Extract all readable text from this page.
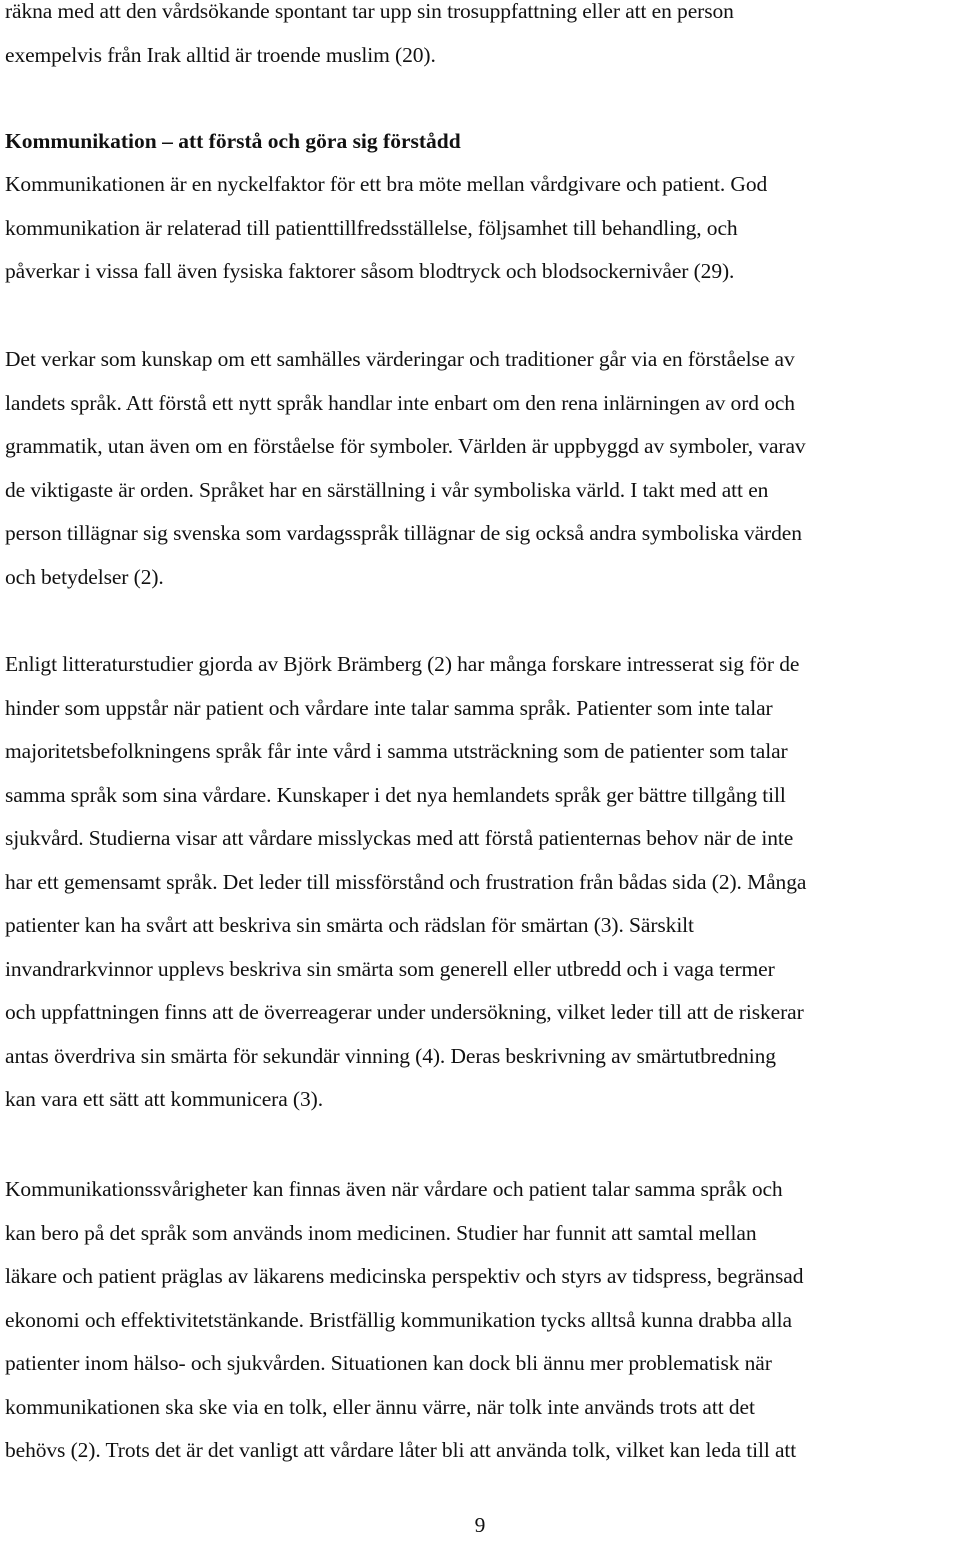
räkna med att den vårdsökande spontant tar upp sin trosuppfattning eller att en person
exempelvis från Irak alltid är troende muslim (20).
Kommunikation – att förstå och göra sig förstådd
Kommunikationen är en nyckelfaktor för ett bra möte mellan vårdgivare och patient. God
kommunikation är relaterad till patienttillfredsställelse, följsamhet till behandling, och
påverkar i vissa fall även fysiska faktorer såsom blodtryck och blodsockernivåer (29).
Det verkar som kunskap om ett samhälles värderingar och traditioner går via en förståelse av
landets språk. Att förstå ett nytt språk handlar inte enbart om den rena inlärningen av ord och
grammatik, utan även om en förståelse för symboler. Världen är uppbyggd av symboler, varav
de viktigaste är orden. Språket har en särställning i vår symboliska värld. I takt med att en
person tillägnar sig svenska som vardagsspråk tillägnar de sig också andra symboliska värden
och betydelser (2).
Enligt litteraturstudier gjorda av Björk Brämberg (2) har många forskare intresserat sig för de
hinder som uppstår när patient och vårdare inte talar samma språk. Patienter som inte talar
majoritetsbefolkningens språk får inte vård i samma utsträckning som de patienter som talar
samma språk som sina vårdare. Kunskaper i det nya hemlandets språk ger bättre tillgång till
sjukvård. Studierna visar att vårdare misslyckas med att förstå patienternas behov när de inte
har ett gemensamt språk. Det leder till missförstånd och frustration från bådas sida (2). Många
patienter kan ha svårt att beskriva sin smärta och rädslan för smärtan (3). Särskilt
invandrarkvinnor upplevs beskriva sin smärta som generell eller utbredd och i vaga termer
och uppfattningen finns att de överreagerar under undersökning, vilket leder till att de riskerar
antas överdriva sin smärta för sekundär vinning (4). Deras beskrivning av smärtutbredning
kan vara ett sätt att kommunicera (3).
Kommunikationssvårigheter kan finnas även när vårdare och patient talar samma språk och
kan bero på det språk som används inom medicinen. Studier har funnit att samtal mellan
läkare och patient präglas av läkarens medicinska perspektiv och styrs av tidspress, begränsad
ekonomi och effektivitetstänkande. Bristfällig kommunikation tycks alltså kunna drabba alla
patienter inom hälso- och sjukvården. Situationen kan dock bli ännu mer problematisk när
kommunikationen ska ske via en tolk, eller ännu värre, när tolk inte används trots att det
behövs (2). Trots det är det vanligt att vårdare låter bli att använda tolk, vilket kan leda till att
9
